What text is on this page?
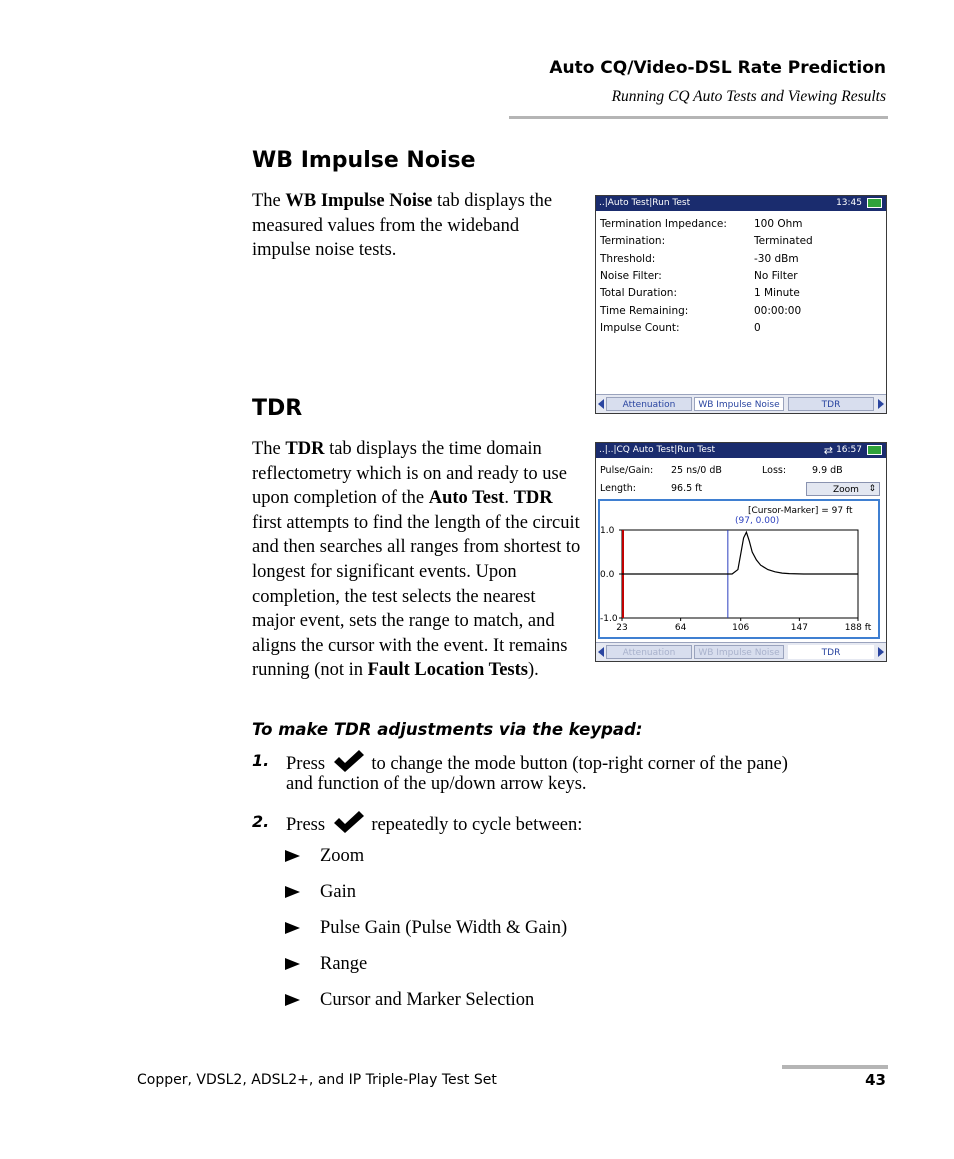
Auto CQ/Video-DSL Rate Prediction
Running CQ Auto Tests and Viewing Results
WB Impulse Noise

The WB Impulse Noise tab displays the measured values from the wideband impulse noise tests.

..|Auto Test|Run Test	13:45
Termination Impedance:	100 Ohm
Termination:	Terminated
Threshold:	-30 dBm
Noise Filter:	No Filter
Total Duration:	1 Minute
Time Remaining:	00:00:00
Impulse Count:	0
Attenuation	WB Impulse Noise	TDR
TDR

The TDR tab displays the time domain reflectometry which is on and ready to use upon completion of the Auto Test. TDR first attempts to find the length of the circuit and then searches all ranges from shortest to longest for significant events. Upon completion, the test selects the nearest major event, sets the range to match, and aligns the cursor with the event. It remains running (not in Fault Location Tests).

..|..|CQ Auto Test|Run Test	⇄ 16:57
Pulse/Gain: 25 ns/0 dB	Loss:	9.9 dB
Length:	96.5 ft	Zoom ⇕
[Cursor-Marker] = 97 ft
(97, 0.00)
1.0
0.0
-1.0
23	64	106	147	188 ft
Attenuation	WB Impulse Noise	TDR
To make TDR adjustments via the keypad:
1. Press	to change the mode button (top-right corner of the pane)
and function of the up/down arrow keys.
2. Press	repeatedly to cycle between:
Zoom
Gain
Pulse Gain (Pulse Width & Gain)
Range
Cursor and Marker Selection
Copper, VDSL2, ADSL2+, and IP Triple-Play Test Set	43
